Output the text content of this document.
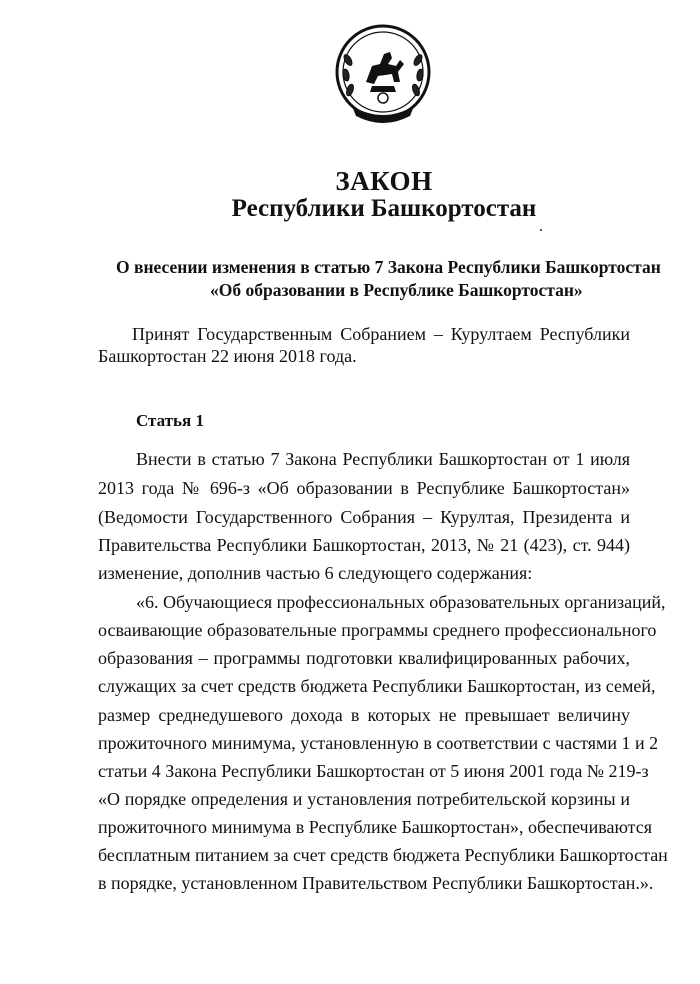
ЗАКОН
Республики Башкортостан

О внесении изменения в статью 7 Закона Республики Башкортостан

«Об образовании в Республике Башкортостан»

Принят Государственным Собранием – Курултаем Республики

Башкортостан 22 июня 2018 года.

Статья 1

Внести в статью 7 Закона Республики Башкортостан от 1 июля

2013 года № 696-з «Об образовании в Республике Башкортостан»

(Ведомости Государственного Собрания – Курултая, Президента и

Правительства Республики Башкортостан, 2013, № 21 (423), ст. 944)

изменение, дополнив частью 6 следующего содержания:

«6. Обучающиеся профессиональных образовательных организаций,

осваивающие образовательные программы среднего профессионального

образования – программы подготовки квалифицированных рабочих,

служащих за счет средств бюджета Республики Башкортостан, из семей,

размер среднедушевого дохода в которых не превышает величину

прожиточного минимума, установленную в соответствии с частями 1 и 2

статьи 4 Закона Республики Башкортостан от 5 июня 2001 года № 219-з

«О порядке определения и установления потребительской корзины и

прожиточного минимума в Республике Башкортостан», обеспечиваются

бесплатным питанием за счет средств бюджета Республики Башкортостан

в порядке, установленном Правительством Республики Башкортостан.».
